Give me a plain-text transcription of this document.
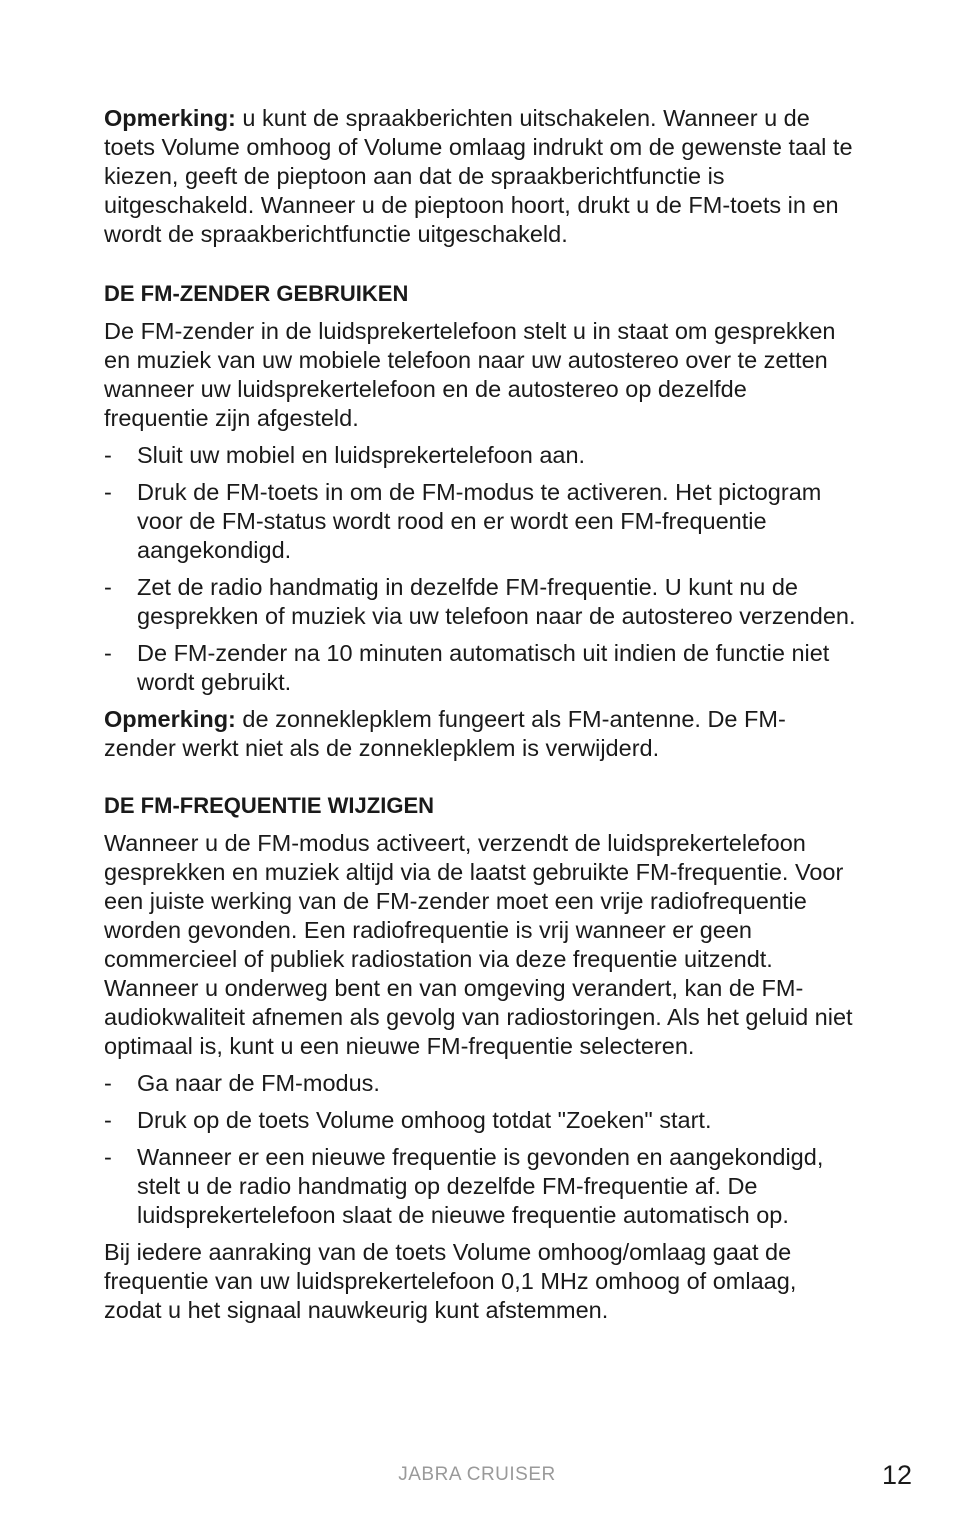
Opmerking: u kunt de spraakberichten uitschakelen. Wanneer u de toets Volume omhoog of Volume omlaag indrukt om de gewenste taal te kiezen, geeft de pieptoon aan dat de spraakberichtfunctie is uitgeschakeld. Wanneer u de pieptoon hoort, drukt u de FM-toets in en wordt de spraakberichtfunctie uitgeschakeld.

DE FM-ZENDER GEBRUIKEN

De FM-zender in de luidsprekertelefoon stelt u in staat om gesprekken en muziek van uw mobiele telefoon naar uw autostereo over te zetten wanneer uw luidsprekertelefoon en de autostereo op dezelfde frequentie zijn afgesteld.

- Sluit uw mobiel en luidsprekertelefoon aan.
- Druk de FM-toets in om de FM-modus te activeren. Het pictogram voor de FM-status wordt rood en er wordt een FM-frequentie aangekondigd.
- Zet de radio handmatig in dezelfde FM-frequentie. U kunt nu de gesprekken of muziek via uw telefoon naar de autostereo verzenden.
- De FM-zender na 10 minuten automatisch uit indien de functie niet wordt gebruikt.

Opmerking: de zonneklepklem fungeert als FM-antenne. De FM-zender werkt niet als de zonneklepklem is verwijderd.

DE FM-FREQUENTIE WIJZIGEN

Wanneer u de FM-modus activeert, verzendt de luidsprekertelefoon gesprekken en muziek altijd via de laatst gebruikte FM-frequentie. Voor een juiste werking van de FM-zender moet een vrije radiofrequentie worden gevonden. Een radiofrequentie is vrij wanneer er geen commercieel of publiek radiostation via deze frequentie uitzendt. Wanneer u onderweg bent en van omgeving verandert, kan de FM-audiokwaliteit afnemen als gevolg van radiostoringen. Als het geluid niet optimaal is, kunt u een nieuwe FM-frequentie selecteren.

- Ga naar de FM-modus.
- Druk op de toets Volume omhoog totdat "Zoeken" start.
- Wanneer er een nieuwe frequentie is gevonden en aangekondigd, stelt u de radio handmatig op dezelfde FM-frequentie af. De luidsprekertelefoon slaat de nieuwe frequentie automatisch op.

Bij iedere aanraking van de toets Volume omhoog/omlaag gaat de frequentie van uw luidsprekertelefoon 0,1 MHz omhoog of omlaag, zodat u het signaal nauwkeurig kunt afstemmen.

JABRA CRUISER	12
